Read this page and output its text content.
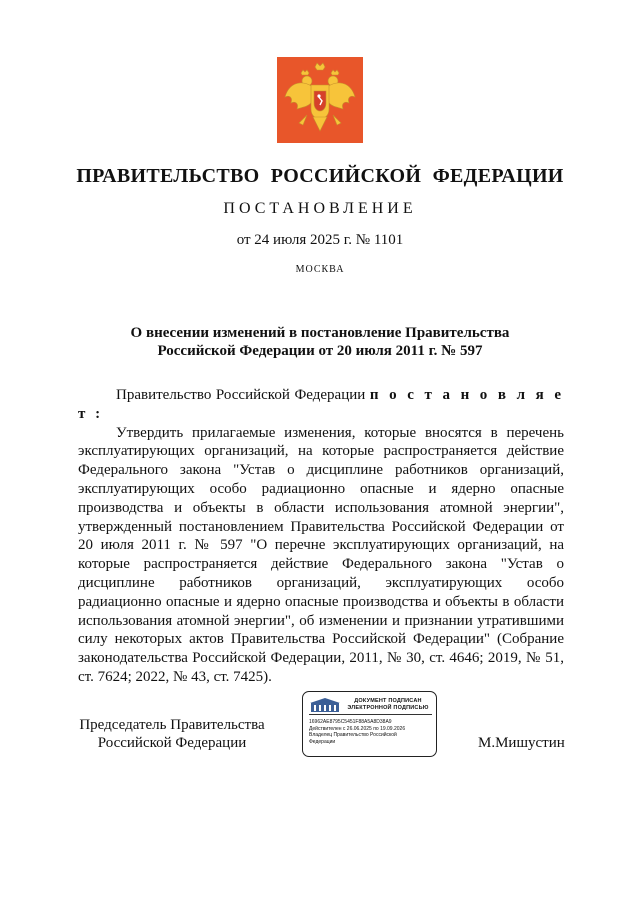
ПРАВИТЕЛЬСТВО РОССИЙСКОЙ ФЕДЕРАЦИИ
ПОСТАНОВЛЕНИЕ
от 24 июля 2025 г. № 1101
МОСКВА
О внесении изменений в постановление Правительства
Российской Федерации от 20 июля 2011 г. № 597

Правительство Российской Федерации п о с т а н о в л я е т :

Утвердить прилагаемые изменения, которые вносятся в перечень эксплуатирующих организаций, на которые распространяется действие Федерального закона "Устав о дисциплине работников организаций, эксплуатирующих особо радиационно опасные и ядерно опасные производства и объекты в области использования атомной энергии", утвержденный постановлением Правительства Российской Федерации от 20 июля 2011 г. № 597 "О перечне эксплуатирующих организаций, на которые распространяется действие Федерального закона "Устав о дисциплине работников организаций, эксплуатирующих особо радиационно опасные и ядерно опасные производства и объекты в области использования атомной энергии", об изменении и признании утратившими силу некоторых актов Правительства Российской Федерации" (Собрание законодательства Российской Федерации, 2011, № 30, ст. 4646; 2019, № 51, ст. 7624; 2022, № 43, ст. 7425).

Председатель Правительства
Российской Федерации
ДОКУМЕНТ ПОДПИСАН
ЭЛЕКТРОННОЙ ПОДПИСЬЮ
16962AE8795C5451F88A5A8D38A9
Действителен с 26.06.2025 по 19.09.2026
Владелец Правительство Российской
Федерации	М.Мишустин
